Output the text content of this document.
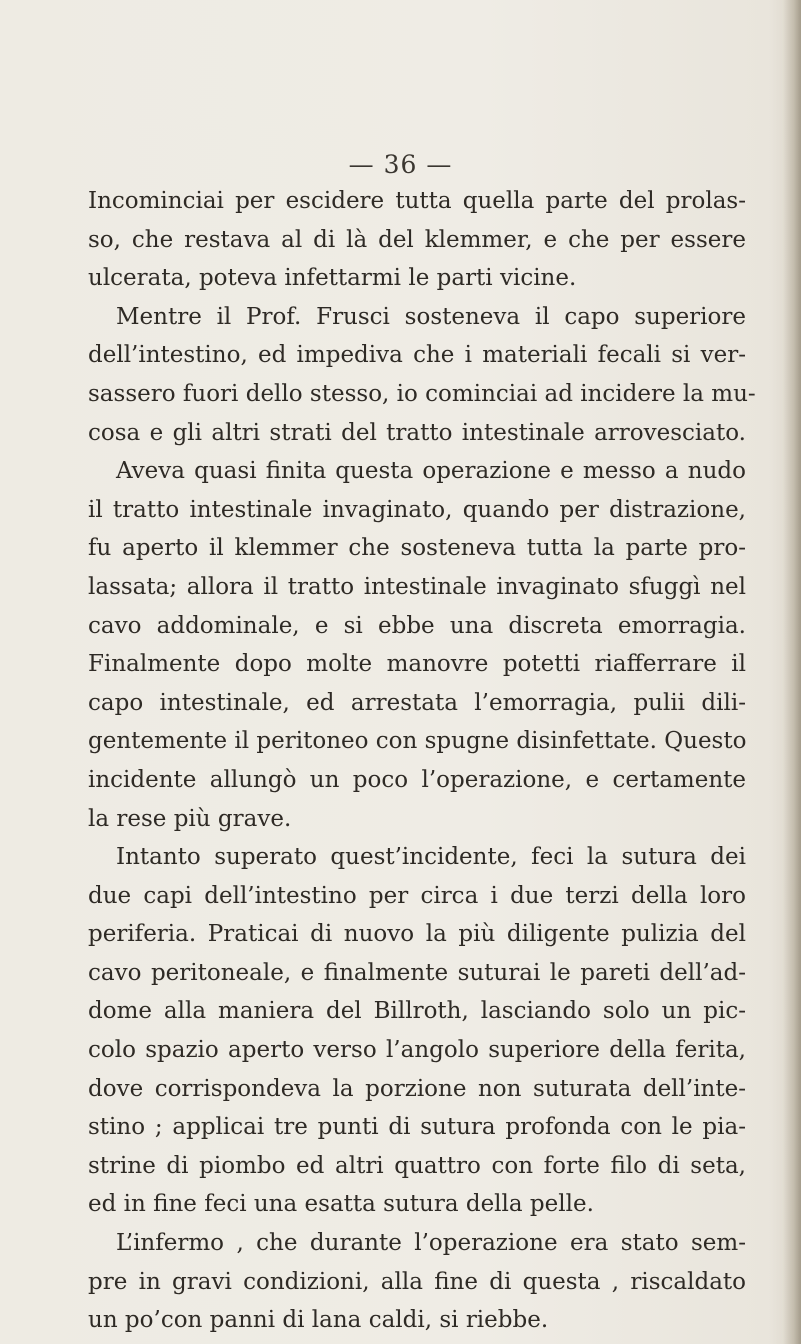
— 36 —
Incominciai per escidere tutta quella parte del prolas-
so, che restava al di là del klemmer, e che per essere
ulcerata, poteva infettarmi le parti vicine.
Mentre il Prof. Frusci sosteneva il capo superiore
dell’intestino, ed impediva che i materiali fecali si ver-
sassero fuori dello stesso, io cominciai ad incidere la mu-
cosa e gli altri strati del tratto intestinale arrovesciato.
Aveva quasi finita questa operazione e messo a nudo
il tratto intestinale invaginato, quando per distrazione,
fu aperto il klemmer che sosteneva tutta la parte pro-
lassata; allora il tratto intestinale invaginato sfuggì nel
cavo addominale, e si ebbe una discreta emorragia.
Finalmente dopo molte manovre potetti riafferrare il
capo intestinale, ed arrestata l’emorragia, pulii dili-
gentemente il peritoneo con spugne disinfettate. Questo
incidente allungò un poco l’operazione, e certamente
la rese più grave.
Intanto superato quest’incidente, feci la sutura dei
due capi dell’intestino per circa i due terzi della loro
periferia. Praticai di nuovo la più diligente pulizia del
cavo peritoneale, e finalmente suturai le pareti dell’ad-
dome alla maniera del Billroth, lasciando solo un pic-
colo spazio aperto verso l’angolo superiore della ferita,
dove corrispondeva la porzione non suturata dell’inte-
stino ; applicai tre punti di sutura profonda con le pia-
strine di piombo ed altri quattro con forte filo di seta,
ed in fine feci una esatta sutura della pelle.
L’infermo , che durante l’operazione era stato sem-
pre in gravi condizioni, alla fine di questa , riscaldato
un po’con panni di lana caldi, si riebbe.
